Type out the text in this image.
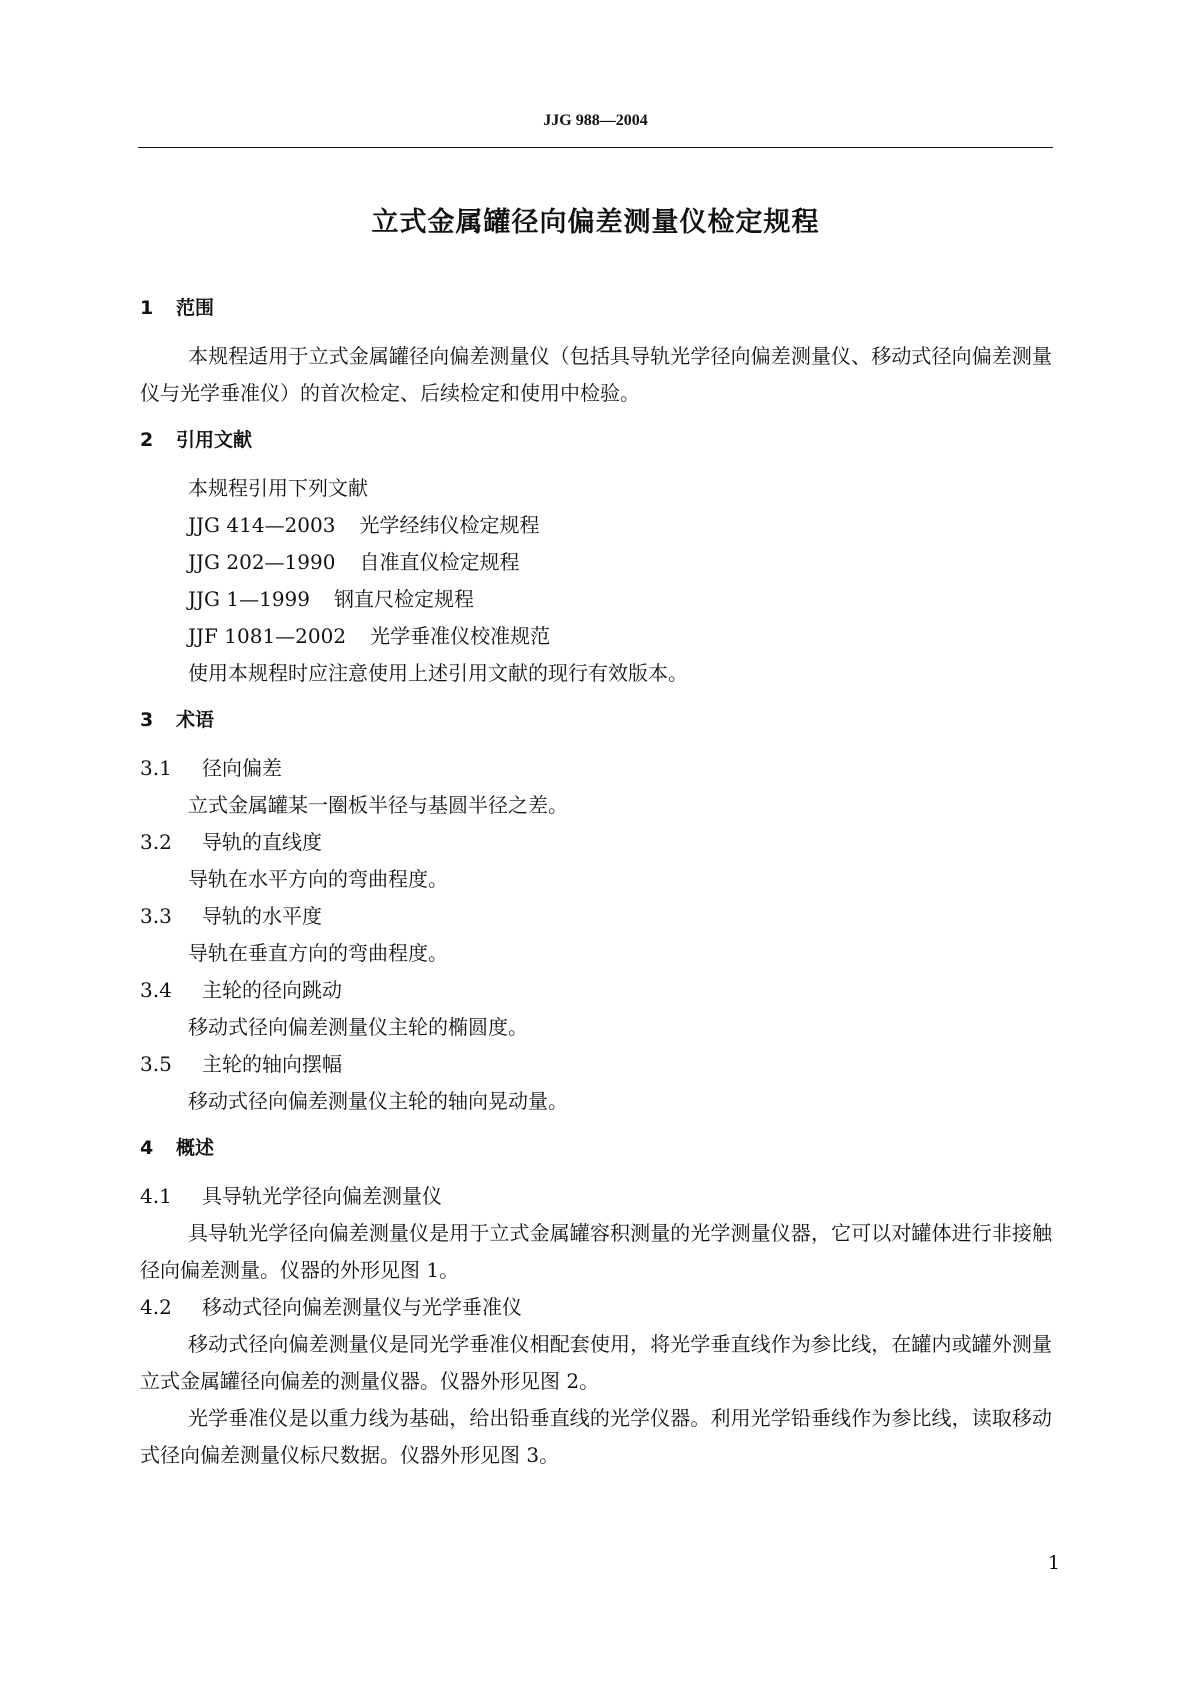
JJG 988—2004
立式金属罐径向偏差测量仪检定规程
1 范围
本规程适用于立式金属罐径向偏差测量仪（包括具导轨光学径向偏差测量仪、移动式径向偏差测量仪与光学垂准仪）的首次检定、后续检定和使用中检验。
2 引用文献
本规程引用下列文献
JJG 414—2003 光学经纬仪检定规程
JJG 202—1990 自准直仪检定规程
JJG 1—1999 钢直尺检定规程
JJF 1081—2002 光学垂准仪校准规范
使用本规程时应注意使用上述引用文献的现行有效版本。
3 术语
3.1 径向偏差
立式金属罐某一圈板半径与基圆半径之差。
3.2 导轨的直线度
导轨在水平方向的弯曲程度。
3.3 导轨的水平度
导轨在垂直方向的弯曲程度。
3.4 主轮的径向跳动
移动式径向偏差测量仪主轮的椭圆度。
3.5 主轮的轴向摆幅
移动式径向偏差测量仪主轮的轴向晃动量。
4 概述
4.1 具导轨光学径向偏差测量仪
具导轨光学径向偏差测量仪是用于立式金属罐容积测量的光学测量仪器，它可以对罐体进行非接触径向偏差测量。仪器的外形见图 1。
4.2 移动式径向偏差测量仪与光学垂准仪
移动式径向偏差测量仪是同光学垂准仪相配套使用，将光学垂直线作为参比线，在罐内或罐外测量立式金属罐径向偏差的测量仪器。仪器外形见图 2。
光学垂准仪是以重力线为基础，给出铅垂直线的光学仪器。利用光学铅垂线作为参比线，读取移动式径向偏差测量仪标尺数据。仪器外形见图 3。
1
